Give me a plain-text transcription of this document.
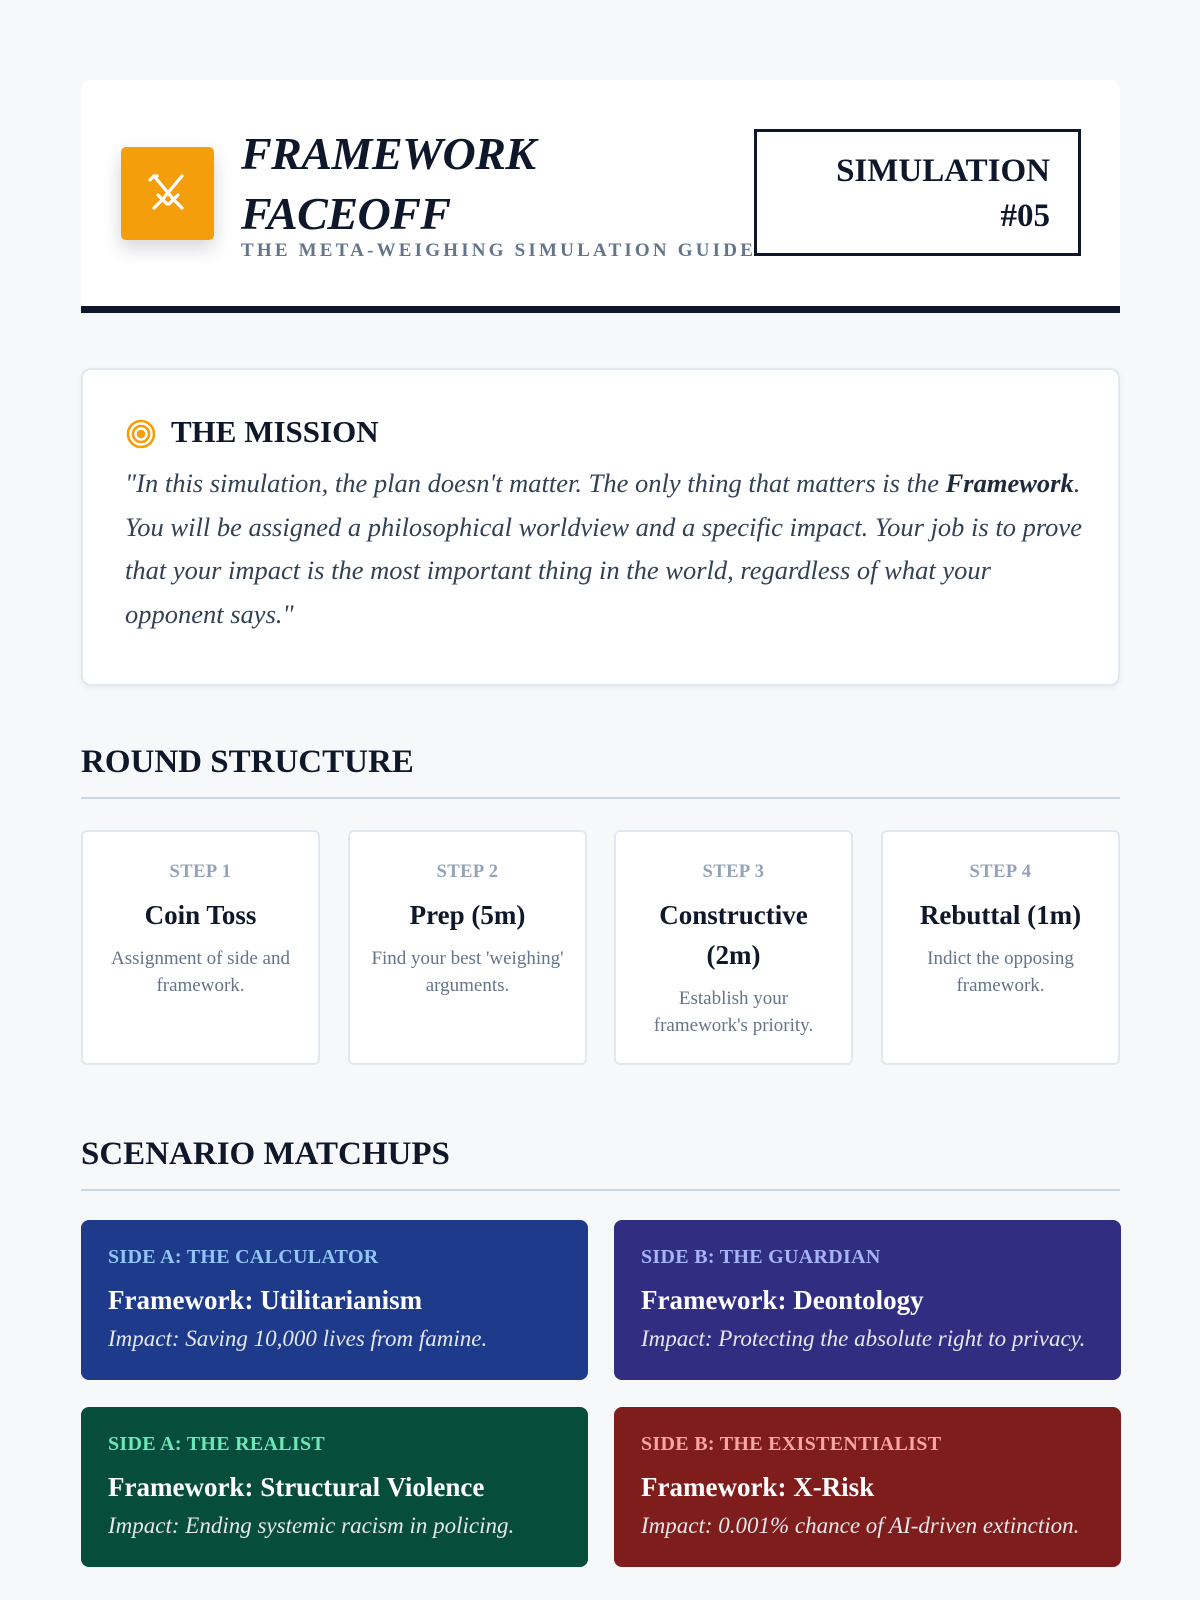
FRAMEWORK
FACEOFF
THE META-WEIGHING SIMULATION GUIDE
SIMULATION
#05
THE MISSION

"In this simulation, the plan doesn't matter. The only thing that matters is the Framework. You will be assigned a philosophical worldview and a specific impact. Your job is to prove that your impact is the most important thing in the world, regardless of what your opponent says."

ROUND STRUCTURE
STEP 1
Coin Toss
Assignment of side and framework.
STEP 2
Prep (5m)
Find your best 'weighing' arguments.
STEP 3
Constructive (2m)
Establish your framework's priority.
STEP 4
Rebuttal (1m)
Indict the opposing framework.
SCENARIO MATCHUPS
SIDE A: THE CALCULATOR
Framework: Utilitarianism
Impact: Saving 10,000 lives from famine.
SIDE B: THE GUARDIAN
Framework: Deontology
Impact: Protecting the absolute right to privacy.
SIDE A: THE REALIST
Framework: Structural Violence
Impact: Ending systemic racism in policing.
SIDE B: THE EXISTENTIALIST
Framework: X-Risk
Impact: 0.001% chance of AI-driven extinction.
